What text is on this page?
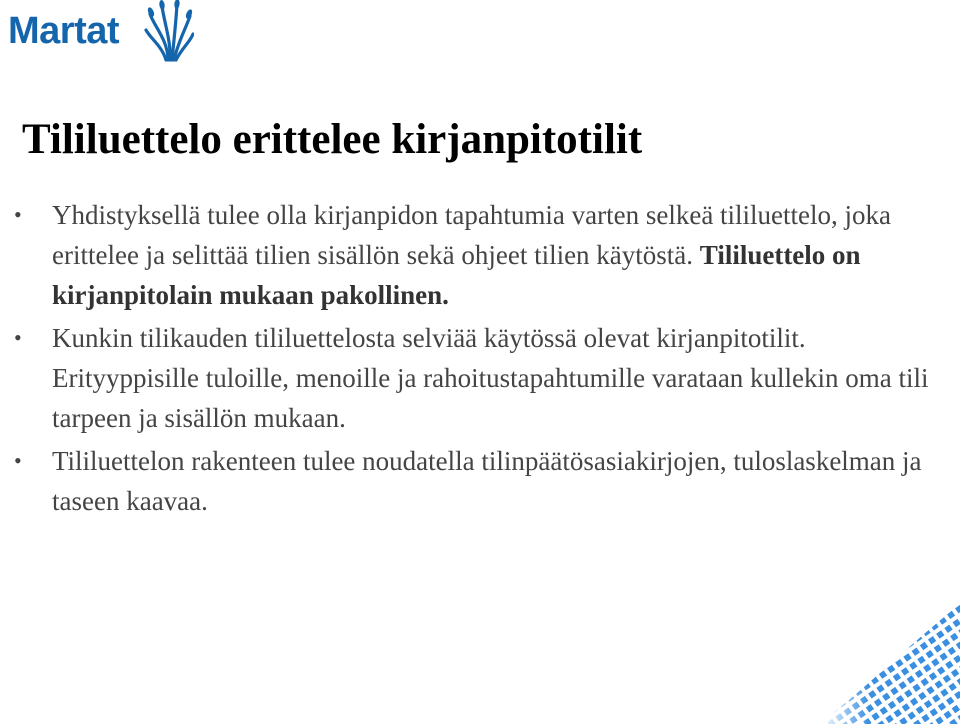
Martat
Tililuettelo erittelee kirjanpitotilit
• Yhdistyksellä tulee olla kirjanpidon tapahtumia varten selkeä tililuettelo, joka erittelee ja selittää tilien sisällön sekä ohjeet tilien käytöstä. Tililuettelo on kirjanpitolain mukaan pakollinen.
• Kunkin tilikauden tililuettelosta selviää käytössä olevat kirjanpitotilit. Erityyppisille tuloille, menoille ja rahoitustapahtumille varataan kullekin oma tili tarpeen ja sisällön mukaan.
• Tililuettelon rakenteen tulee noudatella tilinpäätösasiakirjojen, tuloslaskelman ja taseen kaavaa.
